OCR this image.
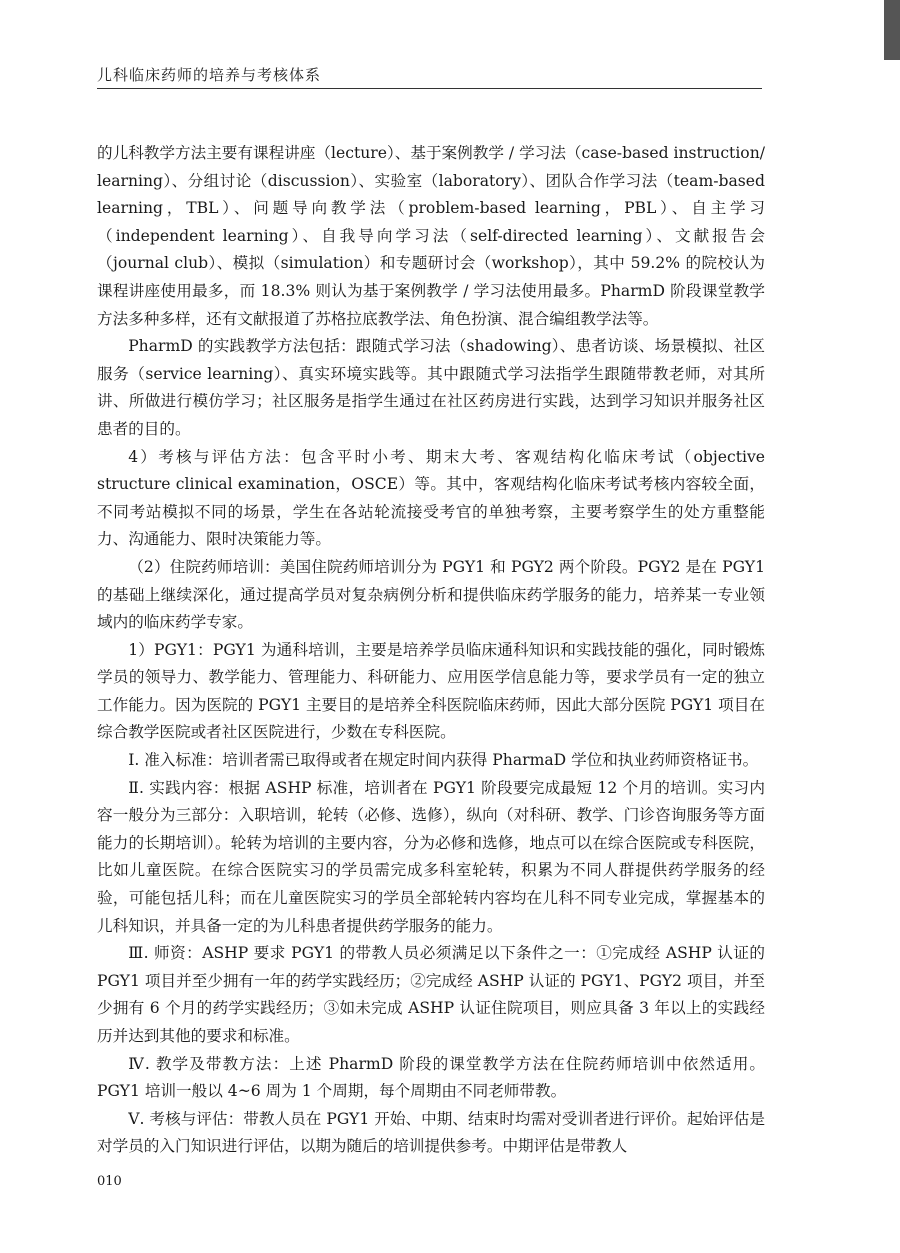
儿科临床药师的培养与考核体系

的儿科教学方法主要有课程讲座（lecture）、基于案例教学 / 学习法（case-based instruction/ learning）、分组讨论（discussion）、实验室（laboratory）、团队合作学习法（team-based learning，TBL）、问题导向教学法（problem-based learning，PBL）、自主学习（independent learning）、自我导向学习法（self-directed learning）、文献报告会（journal club）、模拟（simulation）和专题研讨会（workshop），其中 59.2% 的院校认为课程讲座使用最多，而 18.3% 则认为基于案例教学 / 学习法使用最多。PharmD 阶段课堂教学方法多种多样，还有文献报道了苏格拉底教学法、角色扮演、混合编组教学法等。

PharmD 的实践教学方法包括：跟随式学习法（shadowing）、患者访谈、场景模拟、社区服务（service learning）、真实环境实践等。其中跟随式学习法指学生跟随带教老师，对其所讲、所做进行模仿学习；社区服务是指学生通过在社区药房进行实践，达到学习知识并服务社区患者的目的。

4）考核与评估方法：包含平时小考、期末大考、客观结构化临床考试（objective structure clinical examination，OSCE）等。其中，客观结构化临床考试考核内容较全面，不同考站模拟不同的场景，学生在各站轮流接受考官的单独考察，主要考察学生的处方重整能力、沟通能力、限时决策能力等。

（2）住院药师培训：美国住院药师培训分为 PGY1 和 PGY2 两个阶段。PGY2 是在 PGY1 的基础上继续深化，通过提高学员对复杂病例分析和提供临床药学服务的能力，培养某一专业领域内的临床药学专家。

1）PGY1：PGY1 为通科培训，主要是培养学员临床通科知识和实践技能的强化，同时锻炼学员的领导力、教学能力、管理能力、科研能力、应用医学信息能力等，要求学员有一定的独立工作能力。因为医院的 PGY1 主要目的是培养全科医院临床药师，因此大部分医院 PGY1 项目在综合教学医院或者社区医院进行，少数在专科医院。

Ⅰ. 准入标准：培训者需已取得或者在规定时间内获得 PharmaD 学位和执业药师资格证书。

Ⅱ. 实践内容：根据 ASHP 标准，培训者在 PGY1 阶段要完成最短 12 个月的培训。实习内容一般分为三部分：入职培训，轮转（必修、选修），纵向（对科研、教学、门诊咨询服务等方面能力的长期培训）。轮转为培训的主要内容，分为必修和选修，地点可以在综合医院或专科医院，比如儿童医院。在综合医院实习的学员需完成多科室轮转，积累为不同人群提供药学服务的经验，可能包括儿科；而在儿童医院实习的学员全部轮转内容均在儿科不同专业完成，掌握基本的儿科知识，并具备一定的为儿科患者提供药学服务的能力。

Ⅲ. 师资：ASHP 要求 PGY1 的带教人员必须满足以下条件之一：①完成经 ASHP 认证的 PGY1 项目并至少拥有一年的药学实践经历；②完成经 ASHP 认证的 PGY1、PGY2 项目，并至少拥有 6 个月的药学实践经历；③如未完成 ASHP 认证住院项目，则应具备 3 年以上的实践经历并达到其他的要求和标准。

Ⅳ. 教学及带教方法：上述 PharmD 阶段的课堂教学方法在住院药师培训中依然适用。PGY1 培训一般以 4~6 周为 1 个周期，每个周期由不同老师带教。

Ⅴ. 考核与评估：带教人员在 PGY1 开始、中期、结束时均需对受训者进行评价。起始评估是对学员的入门知识进行评估，以期为随后的培训提供参考。中期评估是带教人

010
